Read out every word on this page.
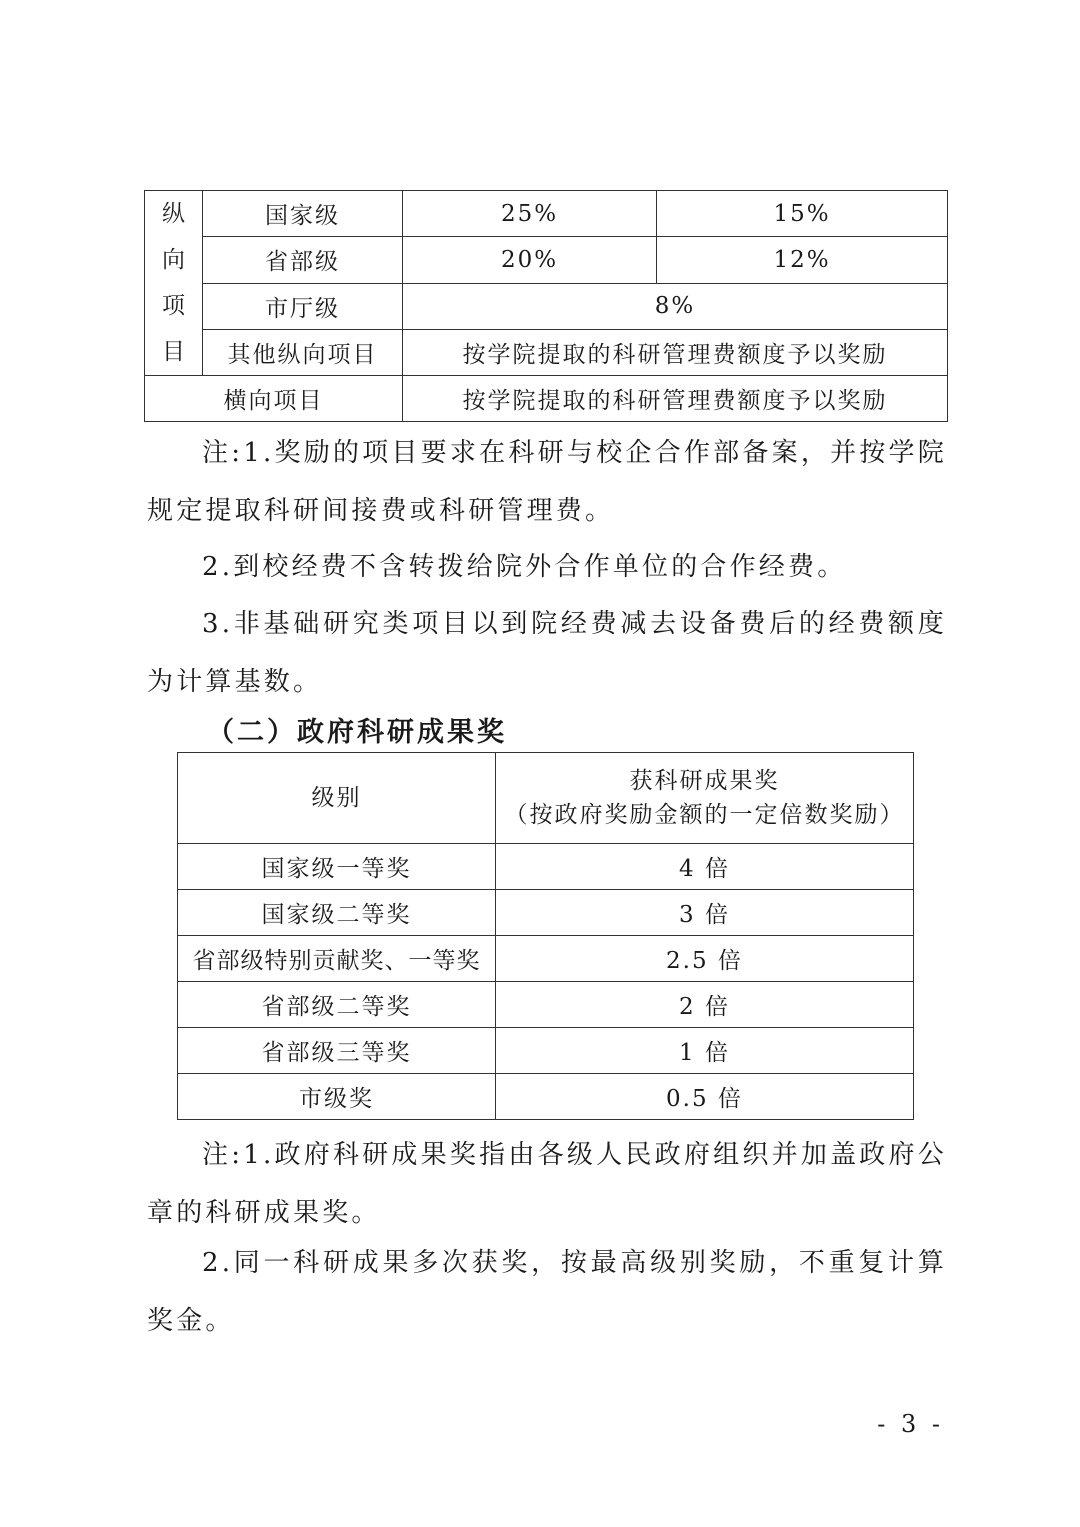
纵
向
项
目	国家级	25%	15%
	省部级	20%	12%
	市厅级	8%	
	其他纵向项目	按学院提取的科研管理费额度予以奖励	
横向项目		按学院提取的科研管理费额度予以奖励	

注:1.奖励的项目要求在科研与校企合作部备案，并按学院规定提取科研间接费或科研管理费。

2.到校经费不含转拨给院外合作单位的合作经费。

3.非基础研究类项目以到院经费减去设备费后的经费额度为计算基数。

（二）政府科研成果奖
级别	获科研成果奖
（按政府奖励金额的一定倍数奖励）

国家级一等奖	4 倍
国家级二等奖	3 倍
省部级特别贡献奖、一等奖	2.5 倍
省部级二等奖	2 倍
省部级三等奖	1 倍
市级奖	0.5 倍

注:1.政府科研成果奖指由各级人民政府组织并加盖政府公章的科研成果奖。

2.同一科研成果多次获奖，按最高级别奖励，不重复计算奖金。

- 3 -
